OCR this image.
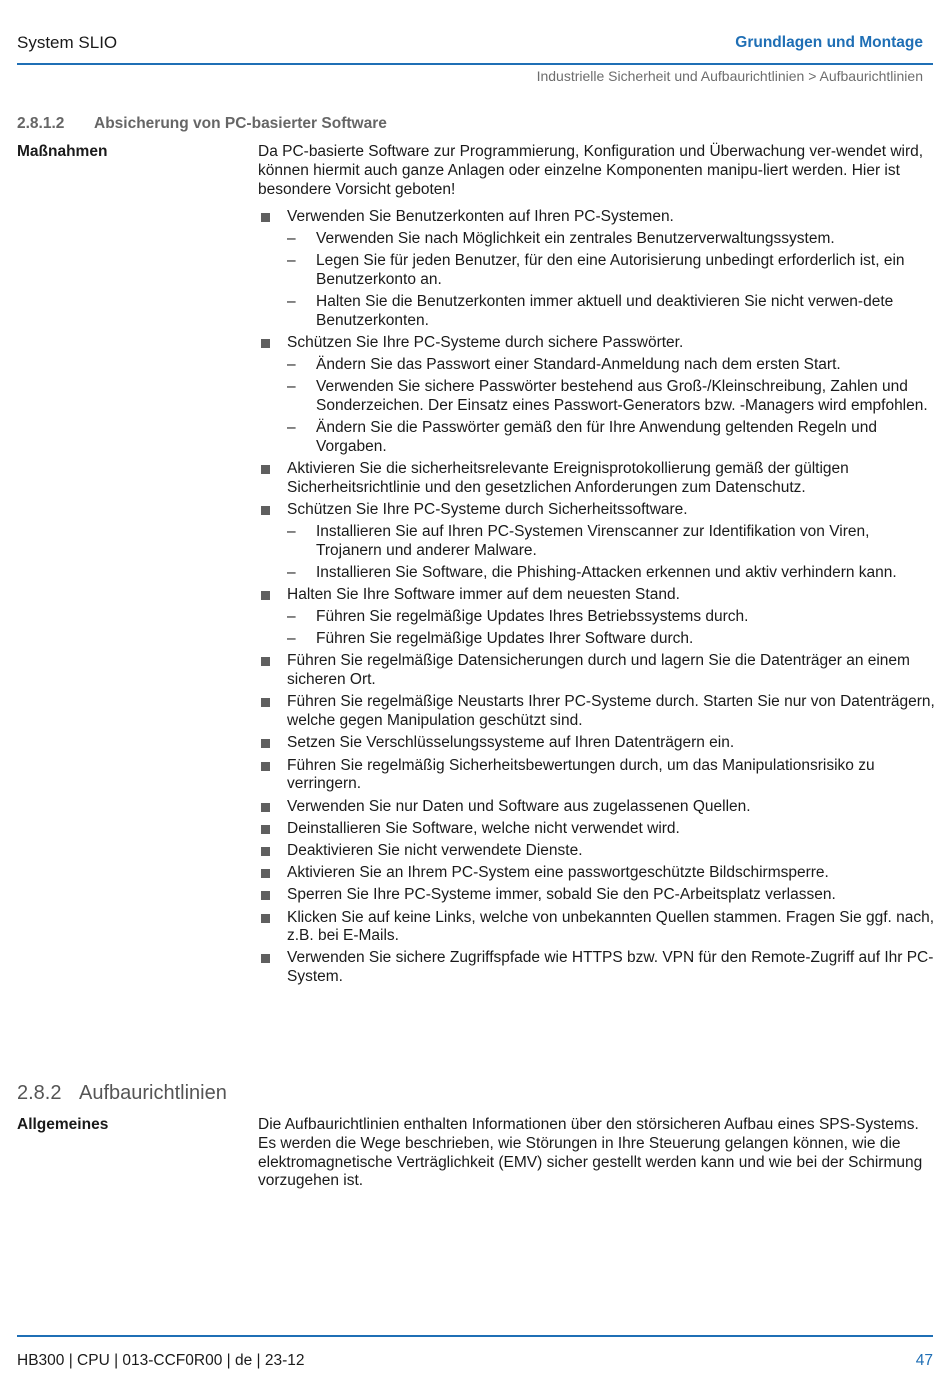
System SLIO	Grundlagen und Montage
Industrielle Sicherheit und Aufbaurichtlinien > Aufbaurichtlinien
2.8.1.2 Absicherung von PC-basierter Software
Maßnahmen	Da PC-basierte Software zur Programmierung, Konfiguration und Überwachung ver-wendet wird, können hiermit auch ganze Anlagen oder einzelne Komponenten manipu-liert werden. Hier ist besondere Vorsicht geboten!

Verwenden Sie Benutzerkonten auf Ihren PC-Systemen.
– Verwenden Sie nach Möglichkeit ein zentrales Benutzerverwaltungssystem.
– Legen Sie für jeden Benutzer, für den eine Autorisierung unbedingt erforderlich ist, ein Benutzerkonto an.
– Halten Sie die Benutzerkonten immer aktuell und deaktivieren Sie nicht verwen-dete Benutzerkonten.
Schützen Sie Ihre PC-Systeme durch sichere Passwörter.
– Ändern Sie das Passwort einer Standard-Anmeldung nach dem ersten Start.
– Verwenden Sie sichere Passwörter bestehend aus Groß-/Kleinschreibung, Zahlen und Sonderzeichen. Der Einsatz eines Passwort-Generators bzw. -Managers wird empfohlen.
– Ändern Sie die Passwörter gemäß den für Ihre Anwendung geltenden Regeln und Vorgaben.
Aktivieren Sie die sicherheitsrelevante Ereignisprotokollierung gemäß der gültigen Sicherheitsrichtlinie und den gesetzlichen Anforderungen zum Datenschutz.
Schützen Sie Ihre PC-Systeme durch Sicherheitssoftware.
– Installieren Sie auf Ihren PC-Systemen Virenscanner zur Identifikation von Viren, Trojanern und anderer Malware.
– Installieren Sie Software, die Phishing-Attacken erkennen und aktiv verhindern kann.
Halten Sie Ihre Software immer auf dem neuesten Stand.
– Führen Sie regelmäßige Updates Ihres Betriebssystems durch.
– Führen Sie regelmäßige Updates Ihrer Software durch.
Führen Sie regelmäßige Datensicherungen durch und lagern Sie die Datenträger an einem sicheren Ort.
Führen Sie regelmäßige Neustarts Ihrer PC-Systeme durch. Starten Sie nur von Datenträgern, welche gegen Manipulation geschützt sind.
Setzen Sie Verschlüsselungssysteme auf Ihren Datenträgern ein.
Führen Sie regelmäßig Sicherheitsbewertungen durch, um das Manipulationsrisiko zu verringern.
Verwenden Sie nur Daten und Software aus zugelassenen Quellen.
Deinstallieren Sie Software, welche nicht verwendet wird.
Deaktivieren Sie nicht verwendete Dienste.
Aktivieren Sie an Ihrem PC-System eine passwortgeschützte Bildschirmsperre.
Sperren Sie Ihre PC-Systeme immer, sobald Sie den PC-Arbeitsplatz verlassen.
Klicken Sie auf keine Links, welche von unbekannten Quellen stammen. Fragen Sie ggf. nach, z.B. bei E-Mails.
Verwenden Sie sichere Zugriffspfade wie HTTPS bzw. VPN für den Remote-Zugriff auf Ihr PC-System.
2.8.2 Aufbaurichtlinien
Allgemeines	Die Aufbaurichtlinien enthalten Informationen über den störsicheren Aufbau eines SPS-Systems. Es werden die Wege beschrieben, wie Störungen in Ihre Steuerung gelangen können, wie die elektromagnetische Verträglichkeit (EMV) sicher gestellt werden kann und wie bei der Schirmung vorzugehen ist.
HB300 | CPU | 013-CCF0R00 | de | 23-12	47
